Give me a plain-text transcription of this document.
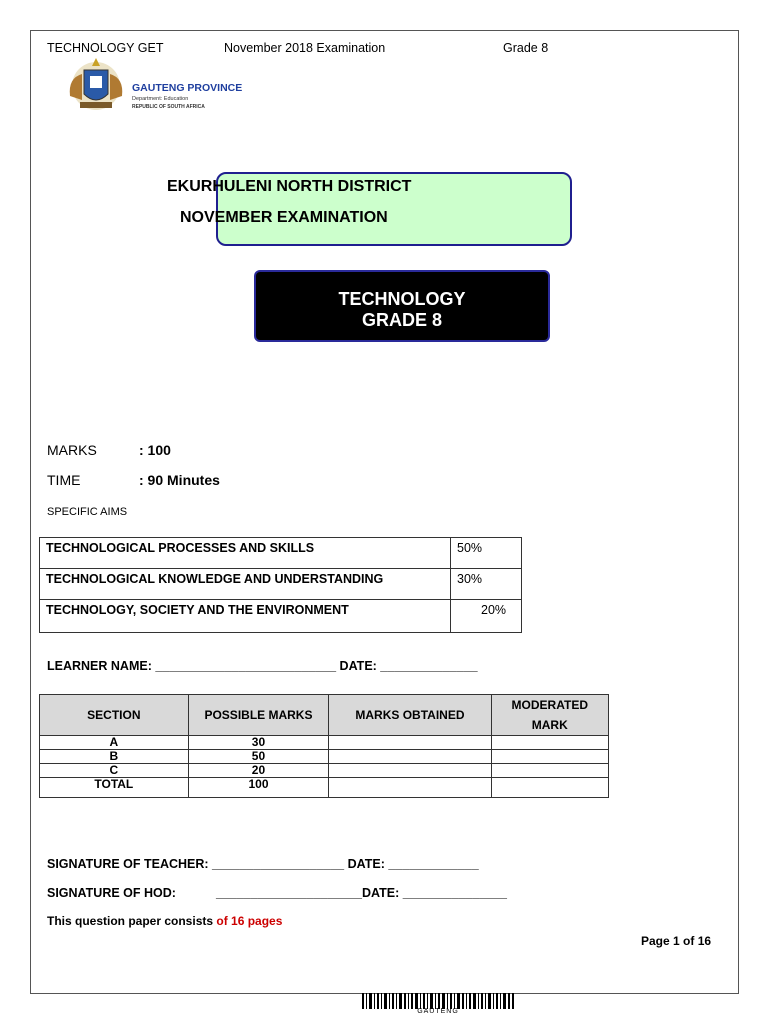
TECHNOLOGY GET	November 2018 Examination	Grade 8
GAUTENG PROVINCE
Department: Education
REPUBLIC OF SOUTH AFRICA
EKURHULENI NORTH DISTRICT
NOVEMBER EXAMINATION
TECHNOLOGY
GRADE 8
MARKS	: 100
TIME	: 90 Minutes
SPECIFIC AIMS
TECHNOLOGICAL PROCESSES AND SKILLS	50%
TECHNOLOGICAL KNOWLEDGE AND UNDERSTANDING	30%
TECHNOLOGY, SOCIETY AND THE ENVIRONMENT	20%
LEARNER NAME: __________________________ DATE: ______________
SECTION	POSSIBLE MARKS	MARKS OBTAINED	MODERATED MARK
A	30		
B	50		
C	20		
TOTAL	100		
SIGNATURE OF TEACHER: ___________________ DATE: _____________
SIGNATURE OF HOD:	_____________________DATE: _______________
This question paper consists of 16 pages
Page 1 of 16
GAUTENG
